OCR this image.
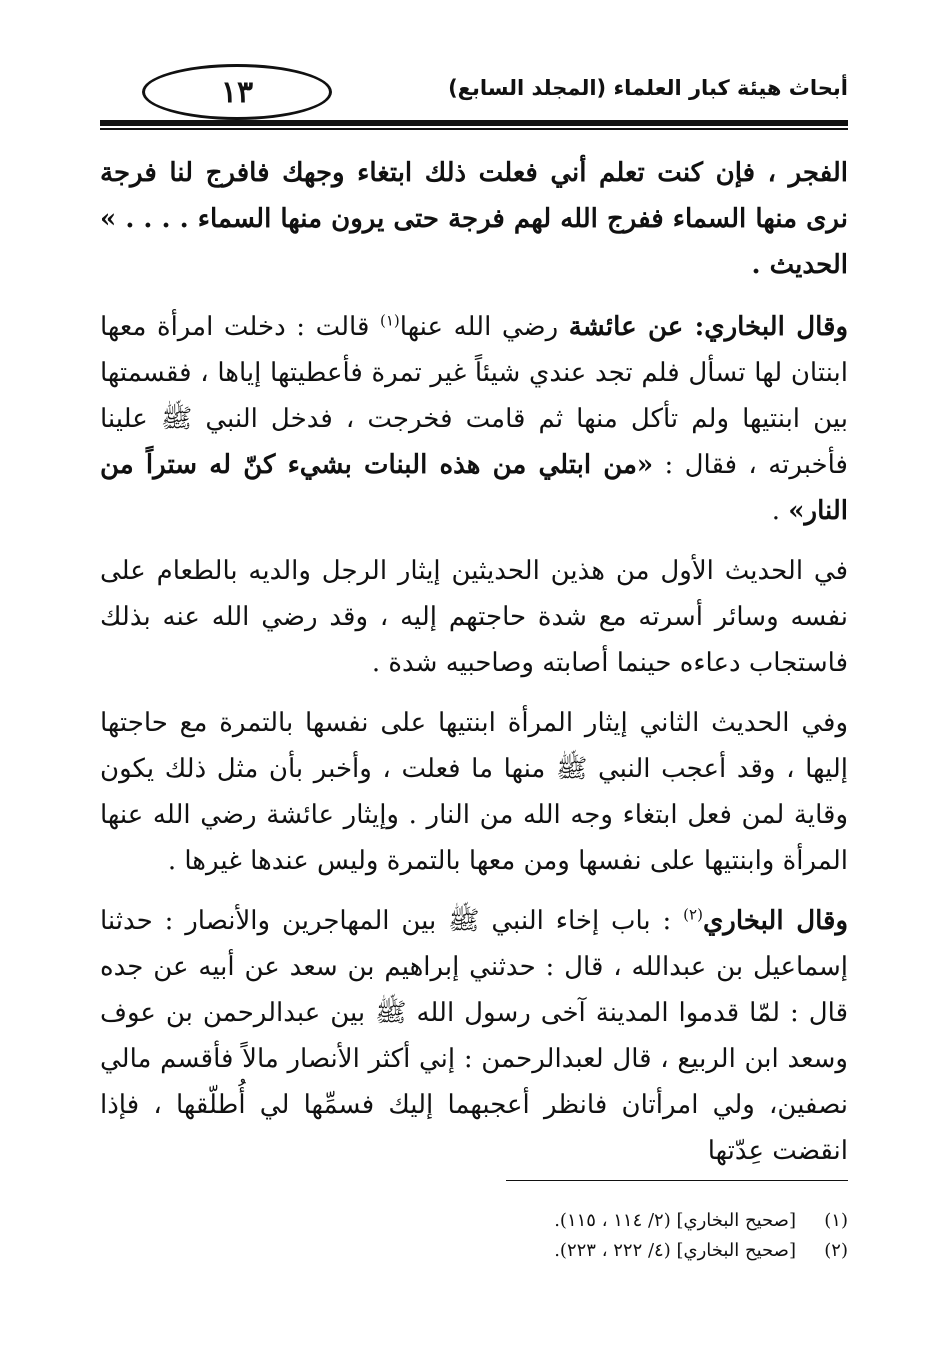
١٣	أبحاث هيئة كبار العلماء (المجلد السابع)

الفجر ، فإن كنت تعلم أني فعلت ذلك ابتغاء وجهك فافرج لنا فرجة نرى منها السماء ففرج الله لهم فرجة حتى يرون منها السماء . . . . » الحديث .

وقال البخاري: عن عائشة رضي الله عنها$^{(١)}$ قالت : دخلت امرأة معها ابنتان لها تسأل فلم تجد عندي شيئاً غير تمرة فأعطيتها إياها ، فقسمتها بين ابنتيها ولم تأكل منها ثم قامت فخرجت ، فدخل النبي ﷺ علينا فأخبرته ، فقال : «من ابتلي من هذه البنات بشيء كنّ له ستراً من النار» .

في الحديث الأول من هذين الحديثين إيثار الرجل والديه بالطعام على نفسه وسائر أسرته مع شدة حاجتهم إليه ، وقد رضي الله عنه بذلك فاستجاب دعاءه حينما أصابته وصاحبيه شدة .

وفي الحديث الثاني إيثار المرأة ابنتيها على نفسها بالتمرة مع حاجتها إليها ، وقد أعجب النبي ﷺ منها ما فعلت ، وأخبر بأن مثل ذلك يكون وقاية لمن فعل ابتغاء وجه الله من النار . وإيثار عائشة رضي الله عنها المرأة وابنتيها على نفسها ومن معها بالتمرة وليس عندها غيرها .

وقال البخاري$^{(٢)}$ : باب إخاء النبي ﷺ بين المهاجرين والأنصار : حدثنا إسماعيل بن عبدالله ، قال : حدثني إبراهيم بن سعد عن أبيه عن جده قال : لمّا قدموا المدينة آخى رسول الله ﷺ بين عبدالرحمن بن عوف وسعد ابن الربيع ، قال لعبدالرحمن : إني أكثر الأنصار مالاً فأقسم مالي نصفين، ولي امرأتان فانظر أعجبهما إليك فسمِّها لي أُطلّقها ، فإذا انقضت عِدّتها

(١)
[صحيح البخاري] (٢/ ١١٤ ، ١١٥).
(٢)
[صحيح البخاري] (٤/ ٢٢٢ ، ٢٢٣).
